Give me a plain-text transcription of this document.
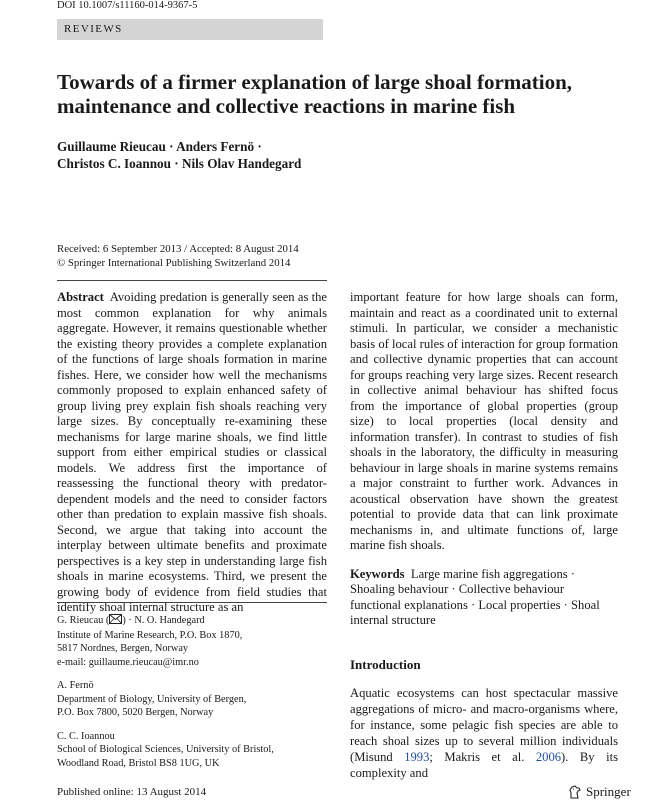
DOI 10.1007/s11160-014-9367-5
REVIEWS
Towards of a firmer explanation of large shoal formation,
maintenance and collective reactions in marine fish
Guillaume Rieucau · Anders Fernö ·
Christos C. Ioannou · Nils Olav Handegard
Received: 6 September 2013 / Accepted: 8 August 2014
© Springer International Publishing Switzerland 2014
Abstract Avoiding predation is generally seen as the most common explanation for why animals aggregate. However, it remains questionable whether the existing theory provides a complete explanation of the functions of large shoals formation in marine fishes. Here, we consider how well the mechanisms commonly proposed to explain enhanced safety of group living prey explain fish shoals reaching very large sizes. By conceptually re-examining these mechanisms for large marine shoals, we find little support from either empirical studies or classical models. We address first the importance of reassessing the functional theory with predator-dependent models and the need to consider factors other than predation to explain massive fish shoals. Second, we argue that taking into account the interplay between ultimate benefits and proximate perspectives is a key step in understanding large fish shoals in marine ecosystems. Third, we present the growing body of evidence from field studies that identify shoal internal structure as an
important feature for how large shoals can form, maintain and react as a coordinated unit to external stimuli. In particular, we consider a mechanistic basis of local rules of interaction for group formation and collective dynamic properties that can account for groups reaching very large sizes. Recent research in collective animal behaviour has shifted focus from the importance of global properties (group size) to local properties (local density and information transfer). In contrast to studies of fish shoals in the laboratory, the difficulty in measuring behaviour in large shoals in marine systems remains a major constraint to further work. Advances in acoustical observation have shown the greatest potential to provide data that can link proximate mechanisms in, and ultimate functions of, large marine fish shoals.
Keywords Large marine fish aggregations · Shoaling behaviour · Collective behaviour functional explanations · Local properties · Shoal internal structure
G. Rieucau ( ) · N. O. Handegard
Institute of Marine Research, P.O. Box 1870,
5817 Nordnes, Bergen, Norway
e-mail: guillaume.rieucau@imr.no
A. Fernö
Department of Biology, University of Bergen,
P.O. Box 7800, 5020 Bergen, Norway
C. C. Ioannou
School of Biological Sciences, University of Bristol,
Woodland Road, Bristol BS8 1UG, UK
Introduction
Aquatic ecosystems can host spectacular massive aggregations of micro- and macro-organisms where, for instance, some pelagic fish species are able to reach shoal sizes up to several million individuals (Misund 1993; Makris et al. 2006). By its complexity and
Published online: 13 August 2014	Springer
